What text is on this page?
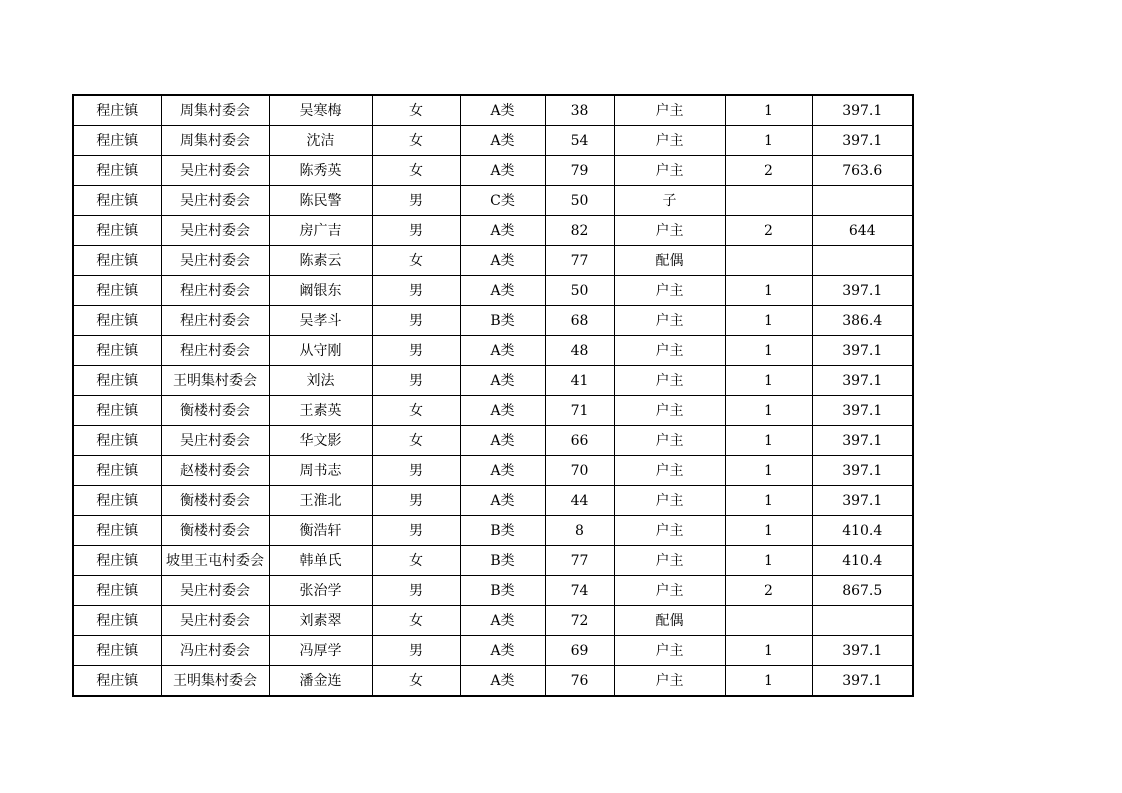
程庄镇	周集村委会	吴寒梅	女	A类	38	户主	1	397.1
程庄镇	周集村委会	沈洁	女	A类	54	户主	1	397.1
程庄镇	吴庄村委会	陈秀英	女	A类	79	户主	2	763.6
程庄镇	吴庄村委会	陈民警	男	C类	50	子		
程庄镇	吴庄村委会	房广吉	男	A类	82	户主	2	644
程庄镇	吴庄村委会	陈素云	女	A类	77	配偶		
程庄镇	程庄村委会	阚银东	男	A类	50	户主	1	397.1
程庄镇	程庄村委会	吴孝斗	男	B类	68	户主	1	386.4
程庄镇	程庄村委会	从守刚	男	A类	48	户主	1	397.1
程庄镇	王明集村委会	刘法	男	A类	41	户主	1	397.1
程庄镇	衡楼村委会	王素英	女	A类	71	户主	1	397.1
程庄镇	吴庄村委会	华文影	女	A类	66	户主	1	397.1
程庄镇	赵楼村委会	周书志	男	A类	70	户主	1	397.1
程庄镇	衡楼村委会	王淮北	男	A类	44	户主	1	397.1
程庄镇	衡楼村委会	衡浩轩	男	B类	8	户主	1	410.4
程庄镇	坡里王屯村委会	韩单氏	女	B类	77	户主	1	410.4
程庄镇	吴庄村委会	张治学	男	B类	74	户主	2	867.5
程庄镇	吴庄村委会	刘素翠	女	A类	72	配偶		
程庄镇	冯庄村委会	冯厚学	男	A类	69	户主	1	397.1
程庄镇	王明集村委会	潘金连	女	A类	76	户主	1	397.1
